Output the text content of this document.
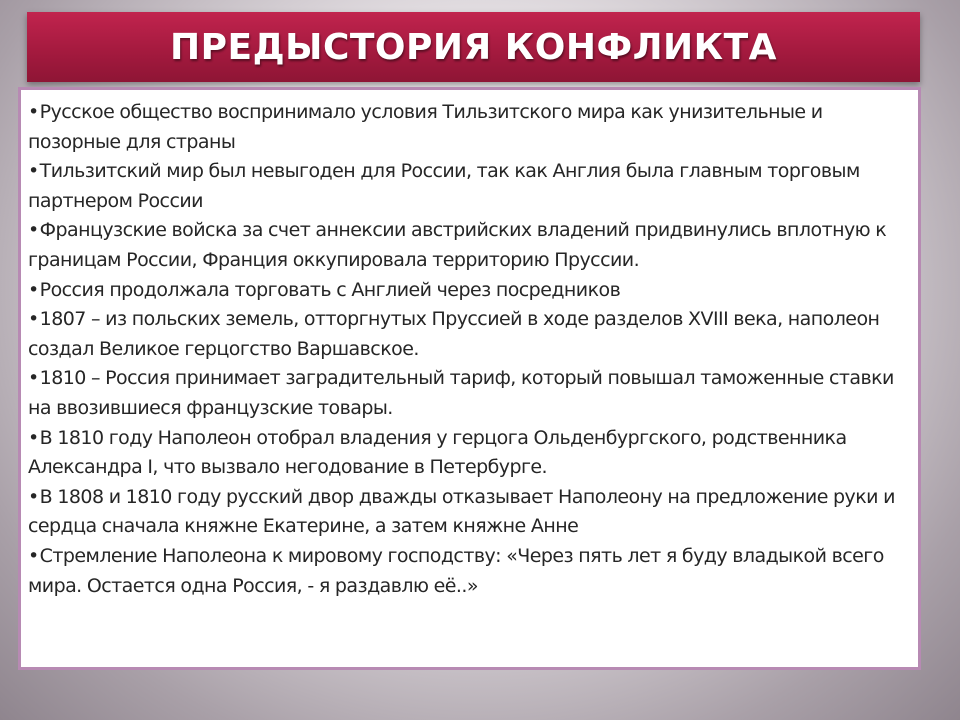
ПРЕДЫСТОРИЯ КОНФЛИКТА
•Русское общество воспринимало условия Тильзитского мира как унизительные и позорные для страны
•Тильзитский мир был невыгоден для России, так как Англия была главным торговым партнером России
•Французские войска за счет аннексии австрийских владений придвинулись вплотную к границам России, Франция оккупировала территорию Пруссии.
•Россия продолжала торговать с Англией через посредников
•1807 – из польских земель, отторгнутых Пруссией в ходе разделов XVIII века, наполеон создал Великое герцогство Варшавское.
•1810 – Россия принимает заградительный тариф, который повышал таможенные ставки на ввозившиеся французские товары.
•В 1810 году Наполеон отобрал владения у герцога Ольденбургского, родственника Александра I, что вызвало негодование в Петербурге.
•В 1808 и 1810 году русский двор дважды отказывает Наполеону на предложение руки и сердца сначала княжне Екатерине, а затем княжне Анне
•Стремление Наполеона к мировому господству: «Через пять лет я буду владыкой всего мира. Остается одна Россия, - я раздавлю её..»
